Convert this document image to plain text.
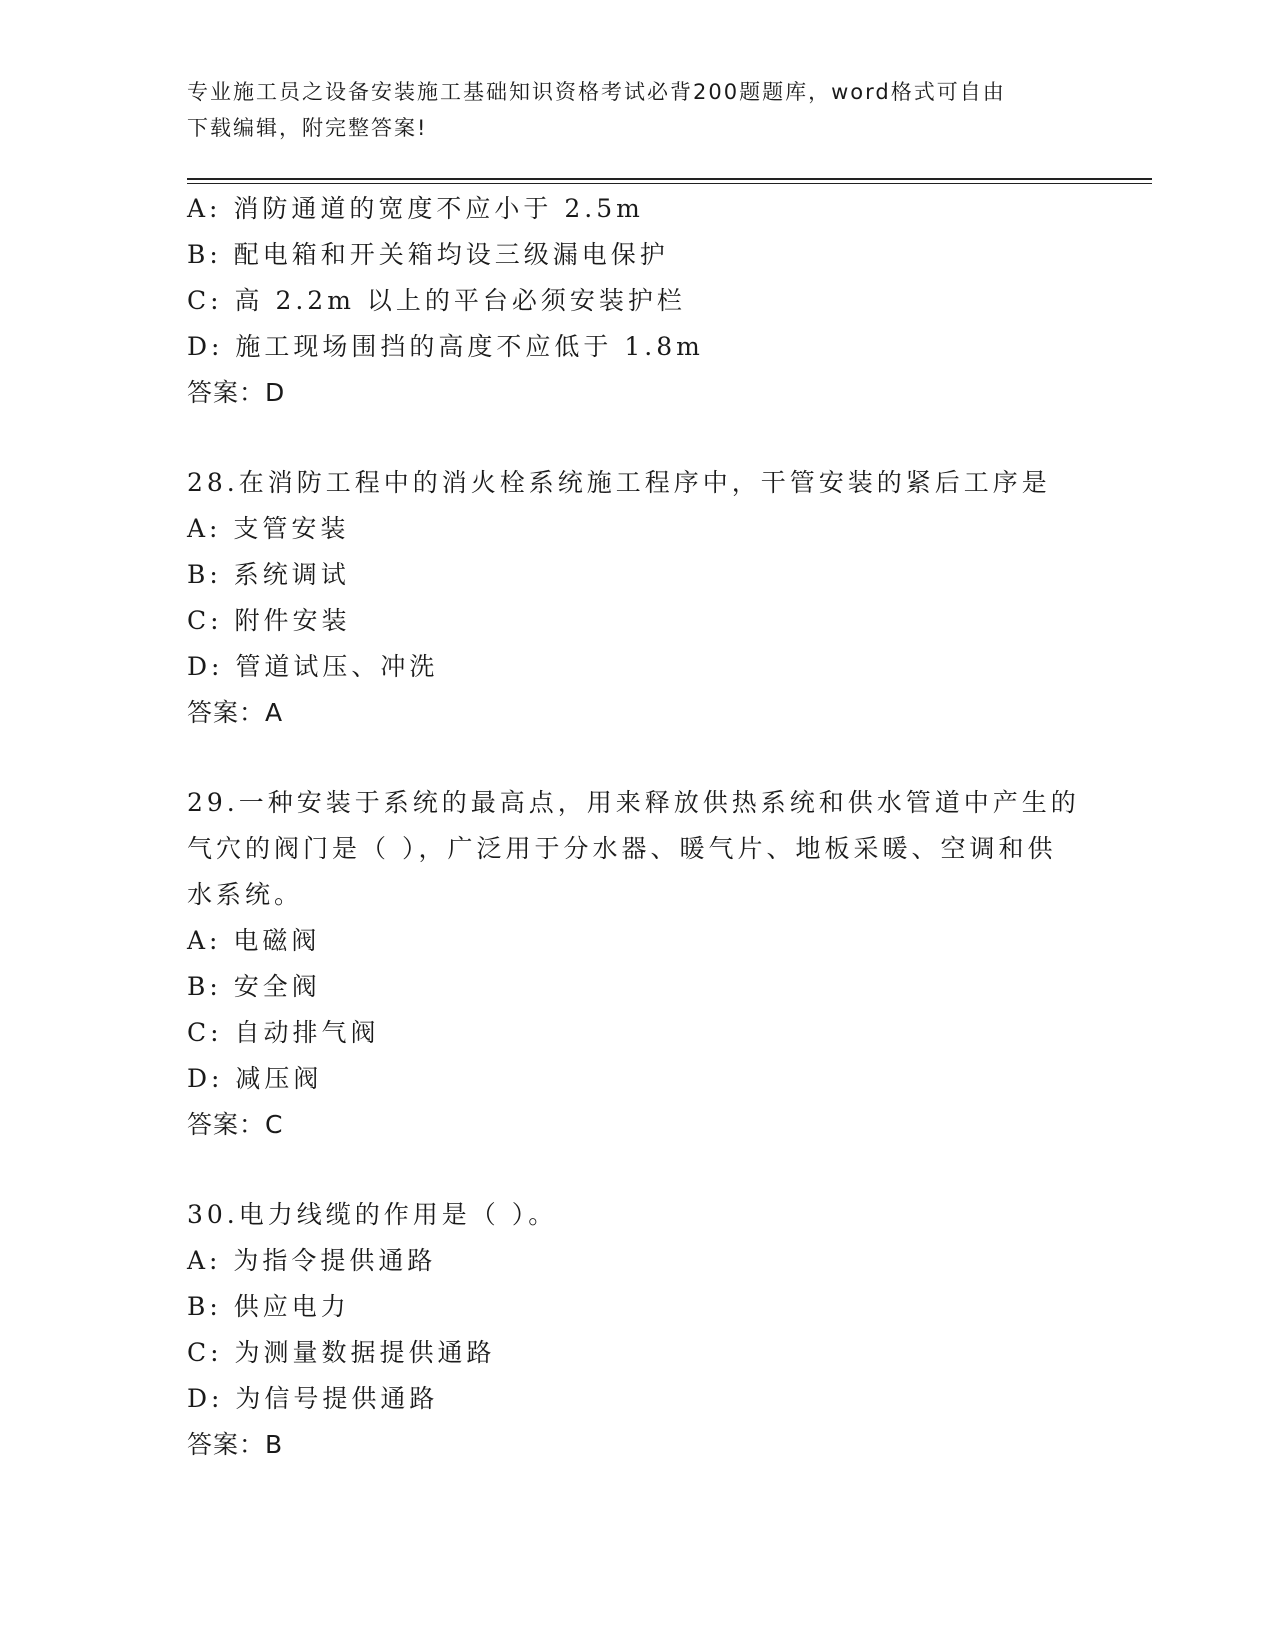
专业施工员之设备安装施工基础知识资格考试必背200题题库，word格式可自由
下载编辑，附完整答案!
A: 消防通道的宽度不应小于 2.5m
B: 配电箱和开关箱均设三级漏电保护
C: 高 2.2m 以上的平台必须安装护栏
D: 施工现场围挡的高度不应低于 1.8m
答案：D
28.在消防工程中的消火栓系统施工程序中，干管安装的紧后工序是
A: 支管安装
B: 系统调试
C: 附件安装
D: 管道试压、冲洗
答案：A
29.一种安装于系统的最高点，用来释放供热系统和供水管道中产生的
气穴的阀门是（ ），广泛用于分水器、暖气片、地板采暖、空调和供
水系统。
A: 电磁阀
B: 安全阀
C: 自动排气阀
D: 减压阀
答案：C
30.电力线缆的作用是（ ）。
A: 为指令提供通路
B: 供应电力
C: 为测量数据提供通路
D: 为信号提供通路
答案：B
